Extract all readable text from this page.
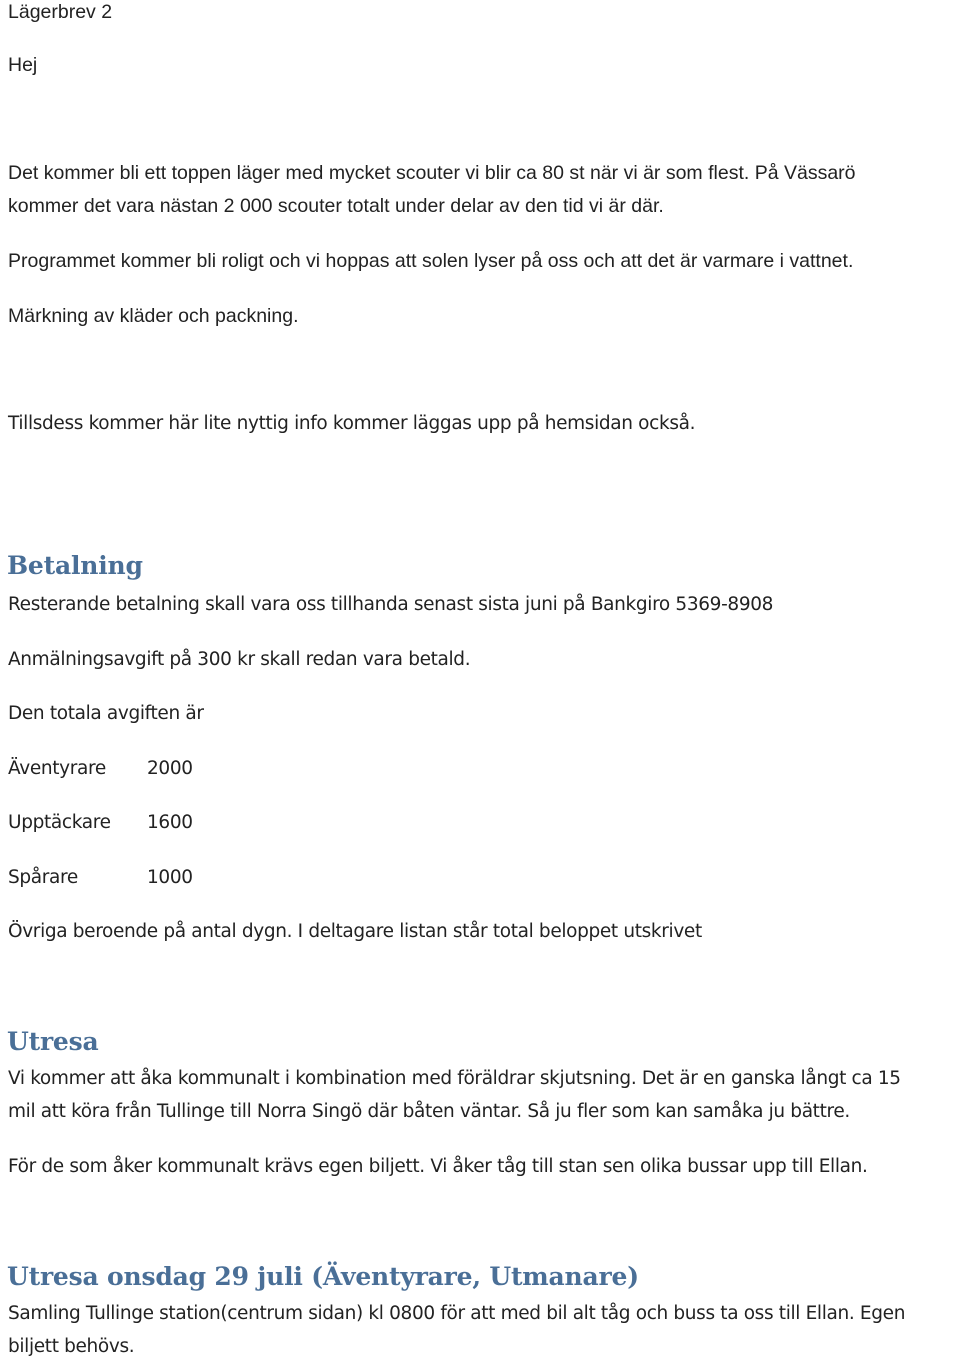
Lägerbrev 2
Hej
Det kommer bli ett toppen läger med mycket scouter vi blir ca 80 st när vi är som flest. På Vässarö
kommer det vara nästan 2 000 scouter totalt under delar av den tid vi är där.
Programmet kommer bli roligt och vi hoppas att solen lyser på oss och att det är varmare i vattnet.
Märkning av kläder och packning.
Tillsdess kommer här lite nyttig info kommer läggas upp på hemsidan också.
Betalning
Resterande betalning skall vara oss tillhanda senast sista juni på Bankgiro 5369-8908
Anmälningsavgift på 300 kr skall redan vara betald.
Den totala avgiften är
Äventyrare 2000
Upptäckare 1600
Spårare	1000
Övriga beroende på antal dygn. I deltagare listan står total beloppet utskrivet
Utresa
Vi kommer att åka kommunalt i kombination med föräldrar skjutsning. Det är en ganska långt ca 15
mil att köra från Tullinge till Norra Singö där båten väntar. Så ju fler som kan samåka ju bättre.
För de som åker kommunalt krävs egen biljett. Vi åker tåg till stan sen olika bussar upp till Ellan.
Utresa onsdag 29 juli (Äventyrare, Utmanare)
Samling Tullinge station(centrum sidan) kl 0800 för att med bil alt tåg och buss ta oss till Ellan. Egen
biljett behövs.
